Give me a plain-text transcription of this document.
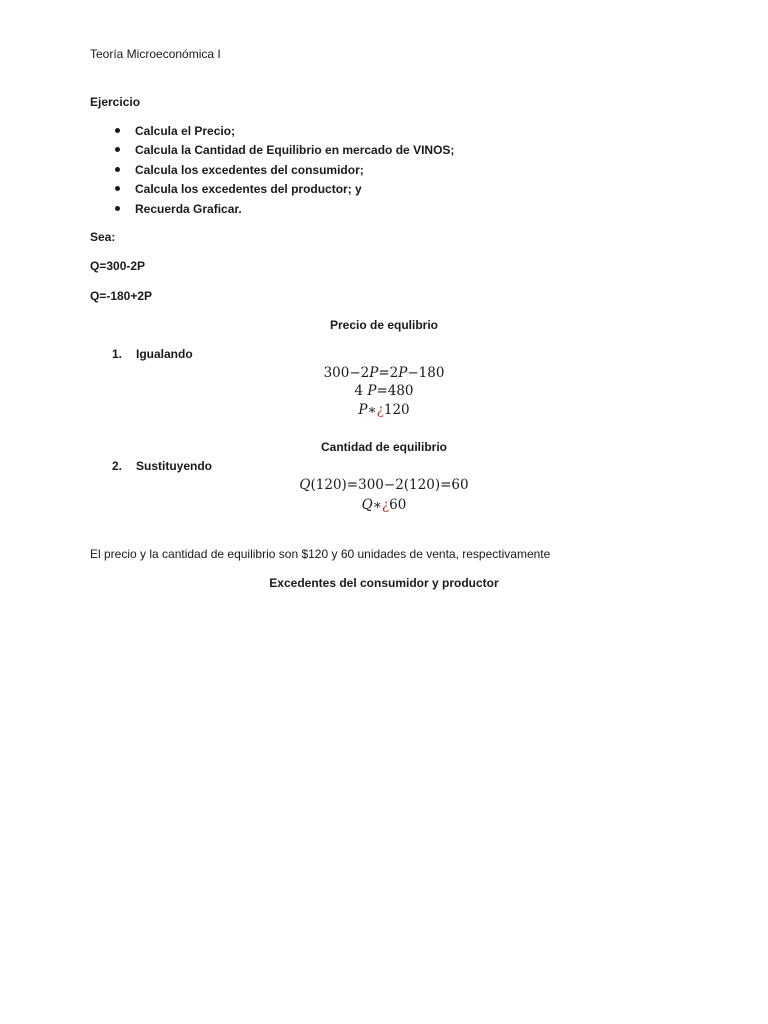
Teoría Microeconómica I
Ejercicio
Calcula el Precio;
Calcula la Cantidad de Equilibrio en mercado de VINOS;
Calcula los excedentes del consumidor;
Calcula los excedentes del productor; y
Recuerda Graficar.
Sea:
Q=300-2P
Q=-180+2P
Precio de equlibrio
1. Igualando
300−2P=2P−180
4 P=480
P∗¿120
Cantidad de equilibrio
2. Sustituyendo
Q(120)=300−2(120)=60
Q∗¿60
El precio y la cantidad de equilibrio son $120 y 60 unidades de venta, respectivamente
Excedentes del consumidor y productor
